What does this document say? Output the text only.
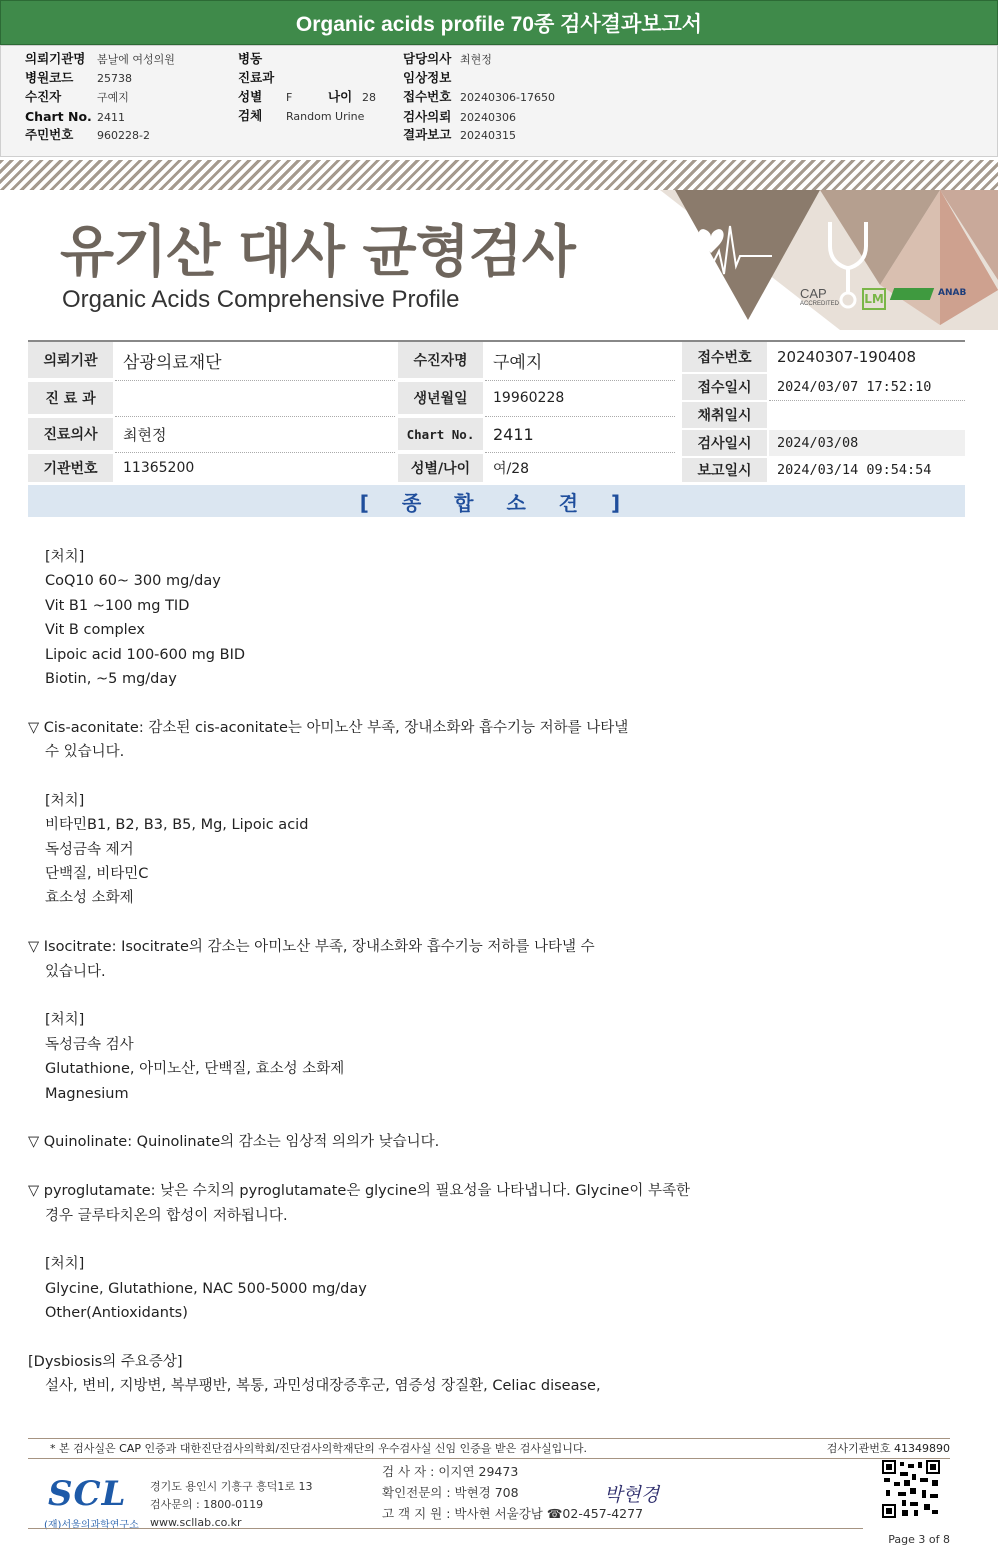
Organic acids profile 70종 검사결과보고서
의뢰기관명 봄날에 여성의원
병원코드 25738
수진자	구예지
Chart No. 2411
주민번호 960228-2
병동
진료과
성별 F	나이 28
검체 Random Urine
담당의사 최현정
임상정보
접수번호 20240306-17650
검사의뢰 20240306
결과보고 20240315
유기산 대사 균형검사
Organic Acids Comprehensive Profile	CAP
ACCREDITED LM	ANAB
의뢰기관	삼광의료재단
진 료 과
진료의사	최현정
기관번호	11365200
수진자명	구예지
생년월일	19960228
Chart No.	2411
성별/나이	여/28
접수번호	20240307-190408
접수일시	2024/03/07 17:52:10
채취일시
검사일시	2024/03/08
보고일시	2024/03/14 09:54:54
[ 종 합 소 견 ]
[처치]
CoQ10 60~ 300 mg/day
Vit B1 ~100 mg TID
Vit B complex
Lipoic acid 100-600 mg BID
Biotin, ~5 mg/day
▽ Cis-aconitate: 감소된 cis-aconitate는 아미노산 부족, 장내소화와 흡수기능 저하를 나타낼
수 있습니다.
[처치]
비타민B1, B2, B3, B5, Mg, Lipoic acid
독성금속 제거
단백질, 비타민C
효소성 소화제
▽ Isocitrate: Isocitrate의 감소는 아미노산 부족, 장내소화와 흡수기능 저하를 나타낼 수
있습니다.
[처치]
독성금속 검사
Glutathione, 아미노산, 단백질, 효소성 소화제
Magnesium
▽ Quinolinate: Quinolinate의 감소는 임상적 의의가 낮습니다.
▽ pyroglutamate: 낮은 수치의 pyroglutamate은 glycine의 필요성을 나타냅니다. Glycine이 부족한
경우 글루타치온의 합성이 저하됩니다.
[처치]
Glycine, Glutathione, NAC 500-5000 mg/day
Other(Antioxidants)
[Dysbiosis의 주요증상]
설사, 변비, 지방변, 복부팽반, 복통, 과민성대장증후군, 염증성 장질환, Celiac disease,
* 본 검사실은 CAP 인증과 대한진단검사의학회/진단검사의학재단의 우수검사실 신임 인증을 받은 검사실입니다.	검사기관번호 41349890
SCL
(재)서울의과학연구소
경기도 용인시 기흥구 흥덕1로 13
검사문의 : 1800-0119
www.scllab.co.kr
검 사 자 : 이지연 29473
확인전문의 : 박현경 708
고 객 지 원 : 박사현 서울강남 ☎02-457-4277
박현경
Page 3 of 8
